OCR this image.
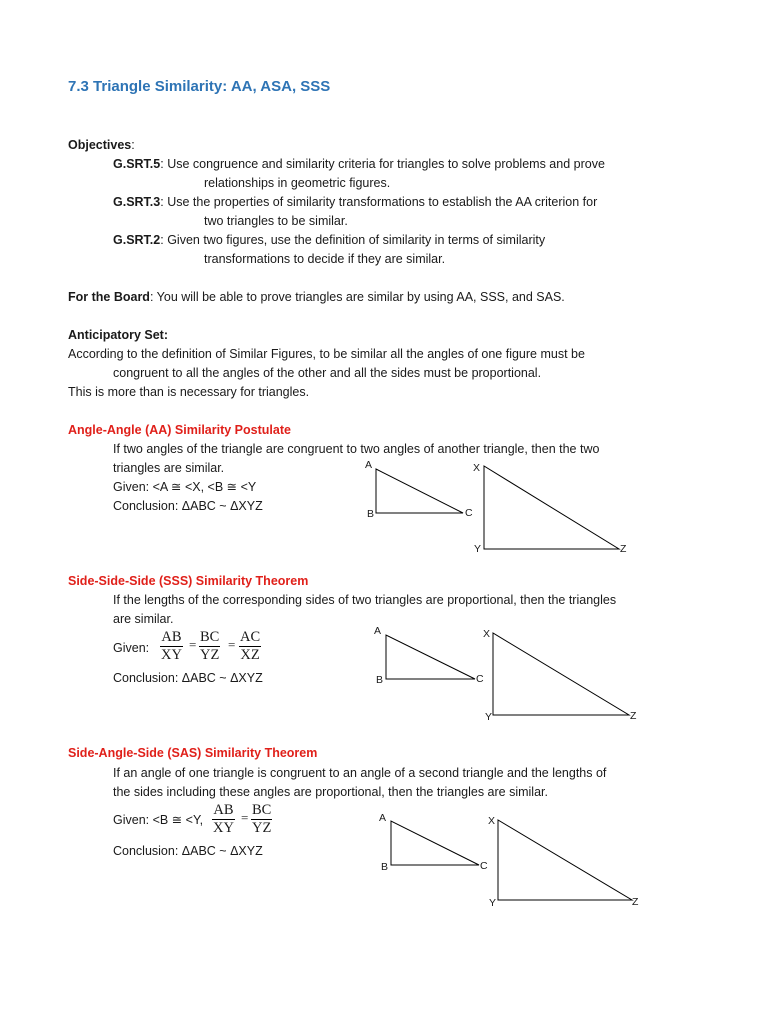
7.3 Triangle Similarity: AA, ASA, SSS
Objectives:
G.SRT.5: Use congruence and similarity criteria for triangles to solve problems and prove
relationships in geometric figures.
G.SRT.3: Use the properties of similarity transformations to establish the AA criterion for
two triangles to be similar.
G.SRT.2: Given two figures, use the definition of similarity in terms of similarity
transformations to decide if they are similar.
For the Board: You will be able to prove triangles are similar by using AA, SSS, and SAS.
Anticipatory Set:
According to the definition of Similar Figures, to be similar all the angles of one figure must be
congruent to all the angles of the other and all the sides must be proportional.
This is more than is necessary for triangles.
Angle-Angle (AA) Similarity Postulate
If two angles of the triangle are congruent to two angles of another triangle, then the two
triangles are similar.
Given: <A ≅ <X, <B ≅ <Y
Conclusion: ΔABC ~ ΔXYZ
A
B	C
X
Y	Z
Side-Side-Side (SSS) Similarity Theorem
If the lengths of the corresponding sides of two triangles are proportional, then the triangles
are similar.
Given: $\frac{AB}{XY} = \frac{BC}{YZ} = \frac{AC}{XZ}$
Conclusion: ΔABC ~ ΔXYZ
A
B	C
X
Y	Z
Side-Angle-Side (SAS) Similarity Theorem
If an angle of one triangle is congruent to an angle of a second triangle and the lengths of
the sides including these angles are proportional, then the triangles are similar.
Given: <B ≅ <Y, $\frac{AB}{XY} = \frac{BC}{YZ}$
Conclusion: ΔABC ~ ΔXYZ
A
B	C
X
Y	Z
